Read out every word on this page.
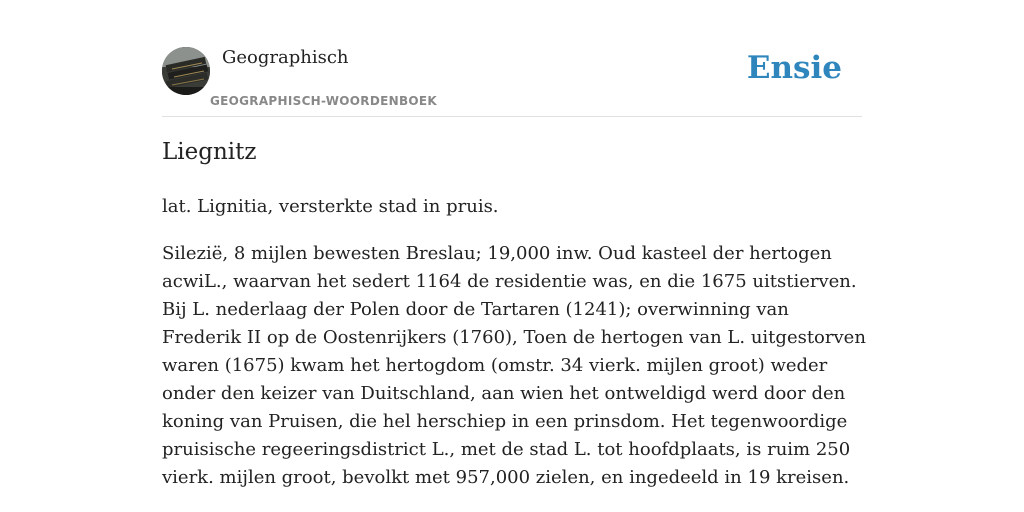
Geographisch
GEOGRAPHISCH-WOORDENBOEK
Ensie
Liegnitz

lat. Lignitia, versterkte stad in pruis.

Silezië, 8 mijlen bewesten Breslau; 19,000 inw. Oud kasteel der hertogen acwiL., waarvan het sedert 1164 de residentie was, en die 1675 uitstierven. Bij L. nederlaag der Polen door de Tartaren (1241); overwinning van Frederik II op de Oostenrijkers (1760), Toen de hertogen van L. uitgestorven waren (1675) kwam het hertogdom (omstr. 34 vierk. mijlen groot) weder onder den keizer van Duitschland, aan wien het ontweldigd werd door den koning van Pruisen, die hel herschiep in een prinsdom. Het tegenwoordige pruisische regeeringsdistrict L., met de stad L. tot hoofdplaats, is ruim 250 vierk. mijlen groot, bevolkt met 957,000 zielen, en ingedeeld in 19 kreisen.
